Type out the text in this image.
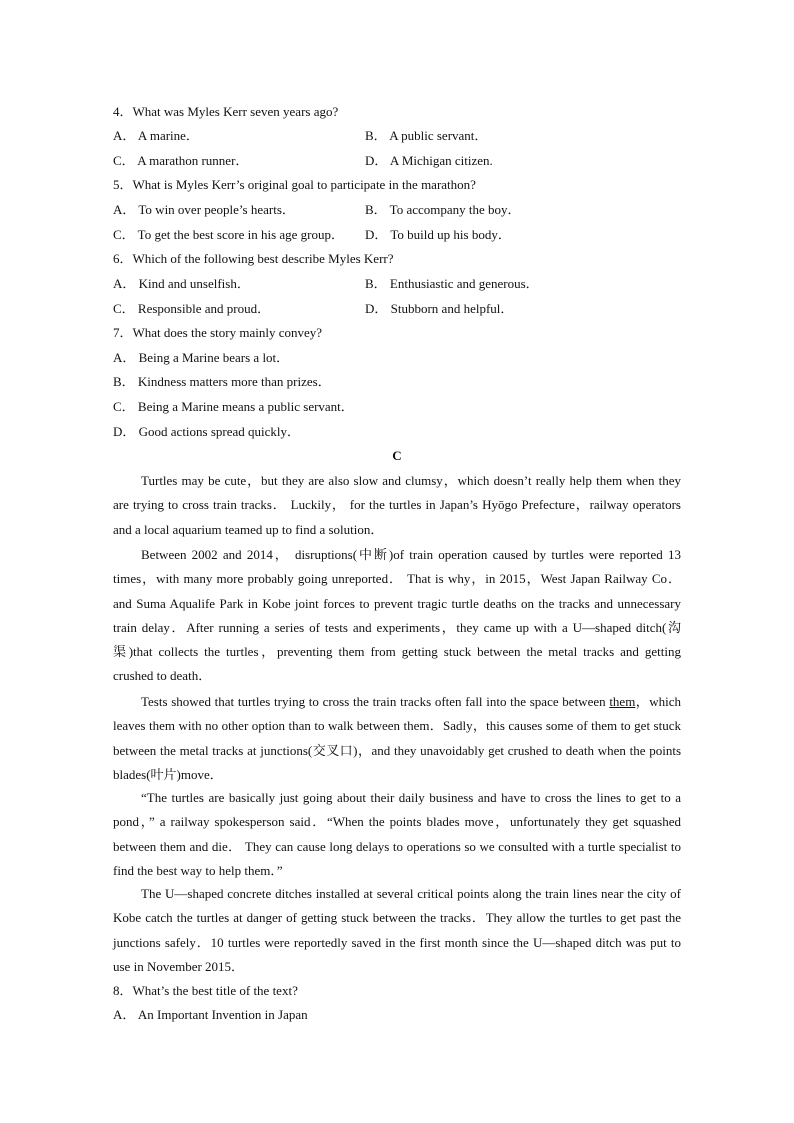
4．What was Myles Kerr seven years ago?
A． A marine．	B． A public servant．
C． A marathon runner．	D． A Michigan citizen.
5．What is Myles Kerr’s original goal to participate in the marathon?
A． To win over people’s hearts．	B． To accompany the boy．
C． To get the best score in his age group． D． To build up his body．
6．Which of the following best describe Myles Kerr?
A． Kind and unselfish．	B． Enthusiastic and generous．
C． Responsible and proud．	D． Stubborn and helpful．
7．What does the story mainly convey?
A． Being a Marine bears a lot．
B． Kindness matters more than prizes．
C． Being a Marine means a public servant．
D． Good actions spread quickly．
C
Turtles may be cute，but they are also slow and clumsy，which doesn’t really help them when they are trying to cross train tracks． Luckily， for the turtles in Japan’s Hyōgo Prefecture，railway operators and a local aquarium teamed up to find a solution．
Between 2002 and 2014， disruptions(中断)of train operation caused by turtles were reported 13 times，with many more probably going unreported． That is why，in 2015，West Japan Railway Co． and Suma Aqualife Park in Kobe joint forces to prevent tragic turtle deaths on the tracks and unnecessary train delay．After running a series of tests and experiments，they came up with a U—shaped ditch(沟渠)that collects the turtles，preventing them from getting stuck between the metal tracks and getting crushed to death．
Tests showed that turtles trying to cross the train tracks often fall into the space between them，which leaves them with no other option than to walk between them．Sadly，this causes some of them to get stuck between the metal tracks at junctions(交叉口)，and they unavoidably get crushed to death when the points blades(叶片)move．
“The turtles are basically just going about their daily business and have to cross the lines to get to a pond，” a railway spokesperson said．“When the points blades move，unfortunately they get squashed between them and die． They can cause long delays to operations so we consulted with a turtle specialist to find the best way to help them．”
The U—shaped concrete ditches installed at several critical points along the train lines near the city of Kobe catch the turtles at danger of getting stuck between the tracks．They allow the turtles to get past the junctions safely．10 turtles were reportedly saved in the first month since the U—shaped ditch was put to use in November 2015．
8．What’s the best title of the text?
A． An Important Invention in Japan
